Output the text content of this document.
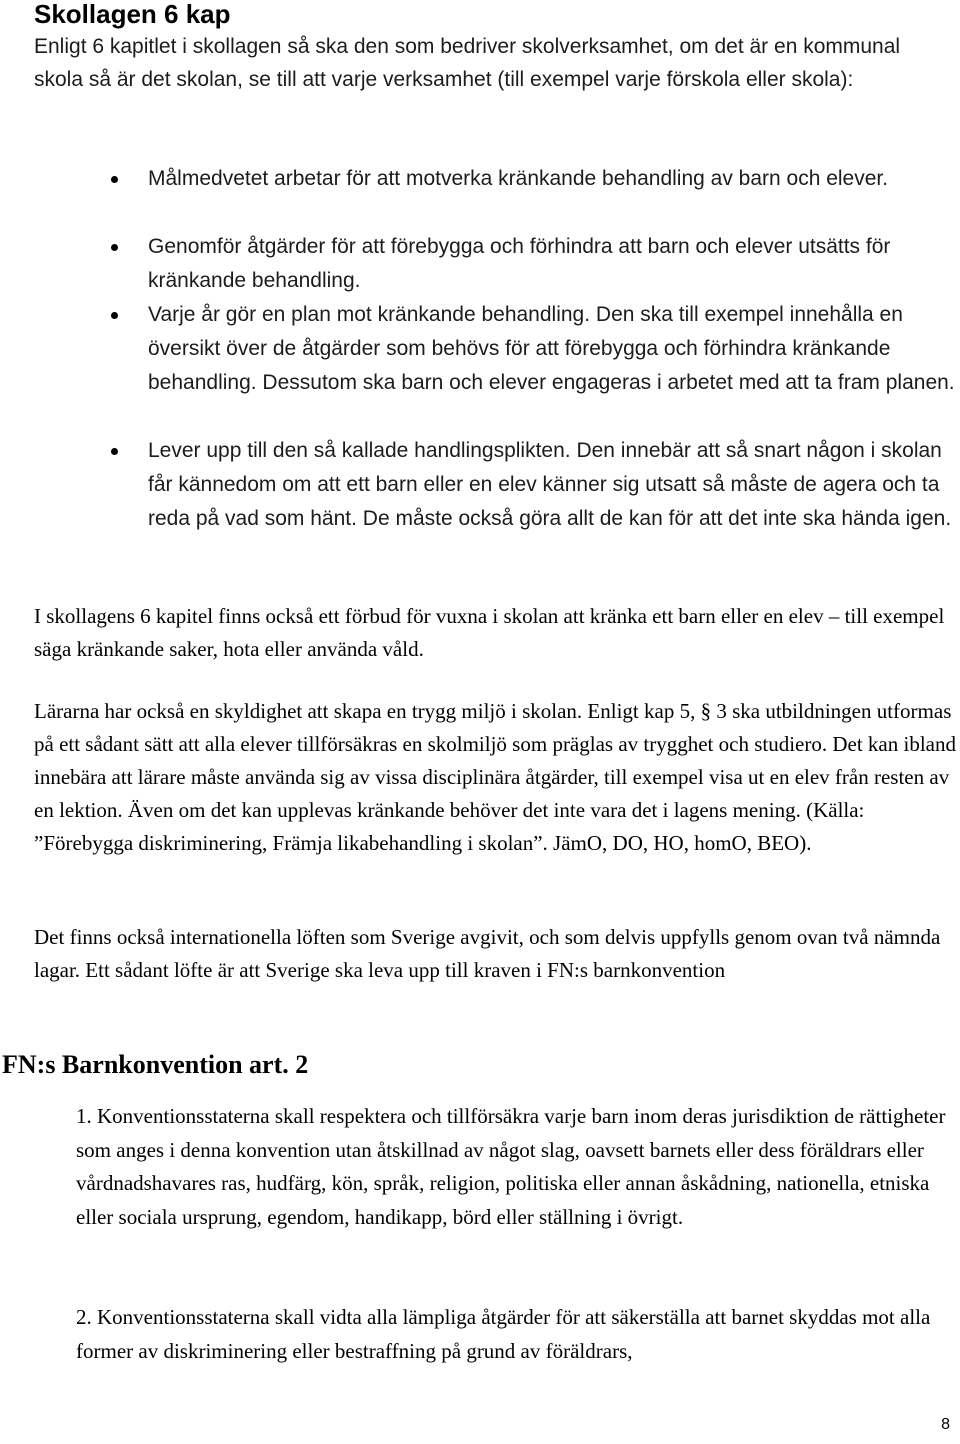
Skollagen 6 kap

Enligt 6 kapitlet i skollagen så ska den som bedriver skolverksamhet, om det är en kommunal skola så är det skolan, se till att varje verksamhet (till exempel varje förskola eller skola):

Målmedvetet arbetar för att motverka kränkande behandling av barn och elever.
Genomför åtgärder för att förebygga och förhindra att barn och elever utsätts för kränkande behandling.
Varje år gör en plan mot kränkande behandling. Den ska till exempel innehålla en översikt över de åtgärder som behövs för att förebygga och förhindra kränkande behandling. Dessutom ska barn och elever engageras i arbetet med att ta fram planen.
Lever upp till den så kallade handlingsplikten. Den innebär att så snart någon i skolan får kännedom om att ett barn eller en elev känner sig utsatt så måste de agera och ta reda på vad som hänt. De måste också göra allt de kan för att det inte ska hända igen.

I skollagens 6 kapitel finns också ett förbud för vuxna i skolan att kränka ett barn eller en elev – till exempel säga kränkande saker, hota eller använda våld.

Lärarna har också en skyldighet att skapa en trygg miljö i skolan. Enligt kap 5, § 3 ska utbildningen utformas på ett sådant sätt att alla elever tillförsäkras en skolmiljö som präglas av trygghet och studiero. Det kan ibland innebära att lärare måste använda sig av vissa disciplinära åtgärder, till exempel visa ut en elev från resten av en lektion. Även om det kan upplevas kränkande behöver det inte vara det i lagens mening. (Källa: ”Förebygga diskriminering, Främja likabehandling i skolan”. JämO, DO, HO, homO, BEO).

Det finns också internationella löften som Sverige avgivit, och som delvis uppfylls genom ovan två nämnda lagar. Ett sådant löfte är att Sverige ska leva upp till kraven i FN:s barnkonvention

FN:s Barnkonvention art. 2

1. Konventionsstaterna skall respektera och tillförsäkra varje barn inom deras jurisdiktion de rättigheter som anges i denna konvention utan åtskillnad av något slag, oavsett barnets eller dess föräldrars eller vårdnadshavares ras, hudfärg, kön, språk, religion, politiska eller annan åskådning, nationella, etniska eller sociala ursprung, egendom, handikapp, börd eller ställning i övrigt.

2. Konventionsstaterna skall vidta alla lämpliga åtgärder för att säkerställa att barnet skyddas mot alla former av diskriminering eller bestraffning på grund av föräldrars,

8
